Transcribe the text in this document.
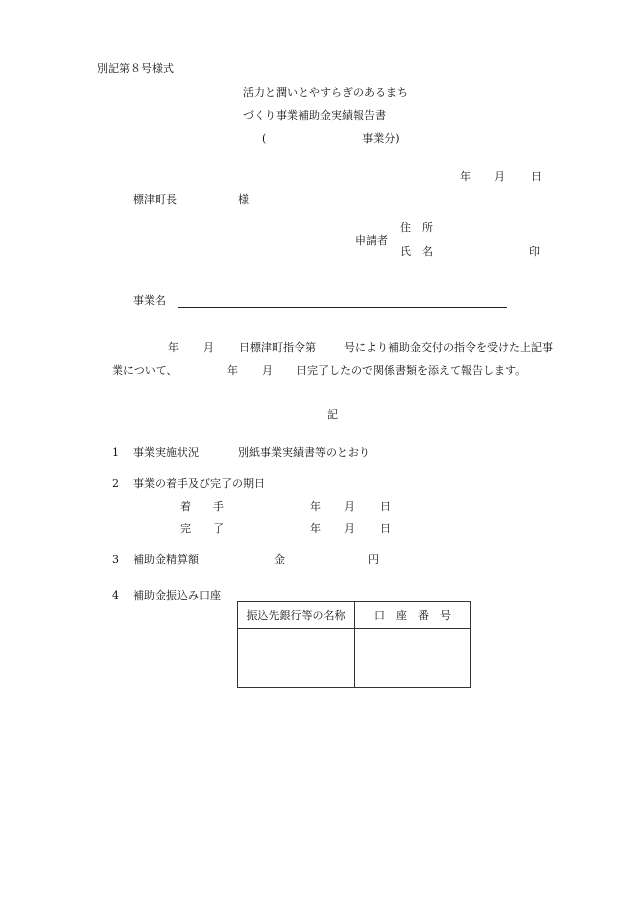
別記第８号様式
活力と潤いとやすらぎのあるまち
づくり事業補助金実績報告書
(	事業分)
年 月 日
標津町長	様
申請者
住　所
氏　名	印
事業名
年 月 日標津町指令第	号により補助金交付の指令を受けた上記事
業について、	年 月 日完了したので関係書類を添えて報告します。
記
1 事業実施状況	別紙事業実績書等のとおり
2 事業の着手及び完了の期日
着　　手	年 月 日
完　　了	年 月 日
3 補助金精算額	金	円
4 補助金振込み口座
振込先銀行等の名称	口　座　番　号
